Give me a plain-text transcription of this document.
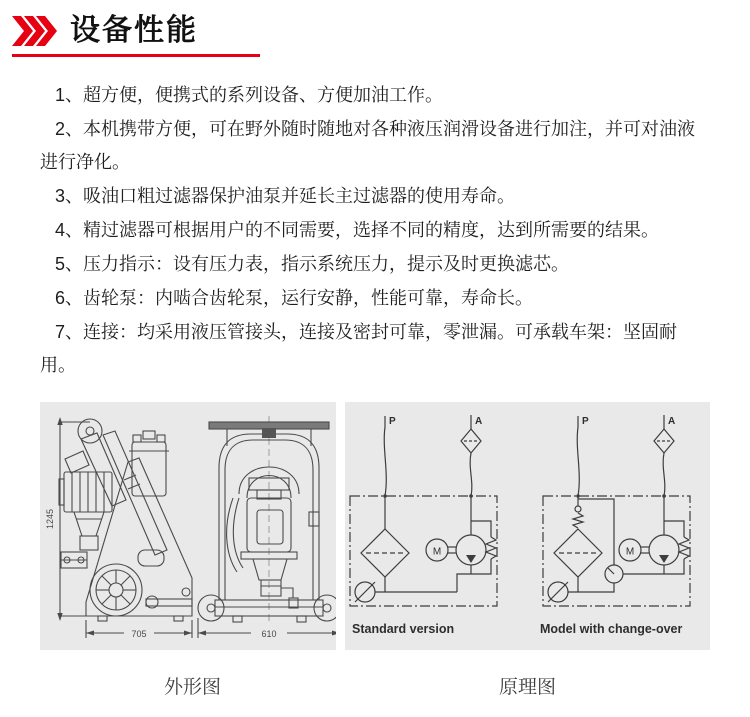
设备性能

1、超方便，便携式的系列设备、方便加油工作。

2、本机携带方便，可在野外随时随地对各种液压润滑设备进行加注，并可对油液进行净化。

3、吸油口粗过滤器保护油泵并延长主过滤器的使用寿命。

4、精过滤器可根据用户的不同需要，选择不同的精度，达到所需要的结果。

5、压力指示：设有压力表，指示系统压力，提示及时更换滤芯。

6、齿轮泵：内啮合齿轮泵，运行安静，性能可靠，寿命长。

7、连接：均采用液压管接头，连接及密封可靠，零泄漏。可承载车架：坚固耐用。

1245
705	610
P	A
M
Standard version
P	A
M
Model with change-over
外形图	原理图
